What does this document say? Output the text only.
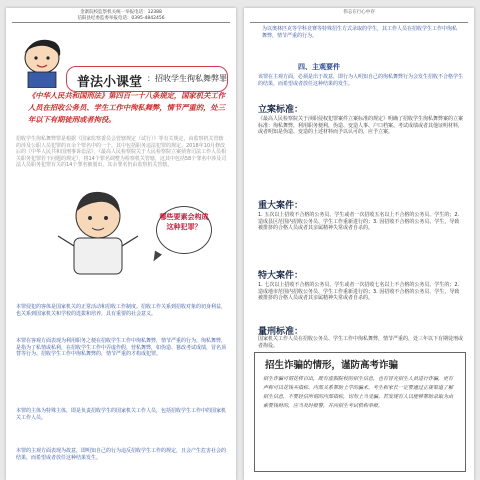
金寨院校监察机关统一举报电话：12388
信阳县纪委监委举报电话：0395-4842456
普法小课堂 ：招收学生徇私舞弊罪
《中华人民共和国刑法》第四百一十八条规定，国家机关工作人员在招收公务员、学生工作中徇私舞弊，情节严重的，处三年以下有期徒刑或者拘役。
招收学生徇私舞弊罪是根据《国家监察委员会管辖规定（试行）》等有关规定，由监察机关管辖的涉及公职人员犯罪的百余个罪名中的一个。其中包括职务违法犯罪的规定。2018年10月修改后的《中华人民共和国刑事诉讼法》，《最高人民检察院关于人民检察院立案侦查司法工作人员相关职务犯罪若干问题的规定》，将14个罪名调整为检察机关管辖，这其中包括58个罪名中涉及司法人员职务犯罪有关的14个罪名被划出，其余罪名仍由监察机关管辖。
哪些要素会构成这种犯罪？
本罪侵犯的客体是国家机关的正常活动和招收工作制度。招收工作关系到招收对象的切身利益，也关系到国家机关和学校的选拔和培养，具有重要的社会意义。
本罪在客观方面表现为利用职务之便在招收学生工作中徇私舞弊，情节严重的行为。徇私舞弊，是指为了私情或私利，在招收学生工作中弄虚作假，营私舞弊，如伪造、篡改考试成绩，冒名顶替等行为。招收学生工作中徇私舞弊的，情节严重的才构成犯罪。
本罪的主体为特殊主体，即是负责招收学生的国家机关工作人员，包括招收学生工作中的国家机关工作人员。
本罪的主观方面表现为故意，即明知自己的行为违反招收学生工作的规定，且会产生危害社会的结果，而希望或者放任这种结果发生。
伟志在行心中存
为以奥林匹克等学科竞赛等特殊招生方式录取的学生，其工作人员在招收学生工作中徇私舞弊，情节严重的行为。
四、主观要件
该罪在主观方面，必须是出于故意，即行为人明知自己的徇私舞弊行为会发生招收不合格学生的结果，而希望或者放任这种结果的发生。
立案标准：
《最高人民检察院关于渎职侵权犯罪案件立案标准的规定》明确了招收学生徇私舞弊案的立案标准：徇私舞弊，利用职务便利，伪造、变造人事、户口档案、考试成绩或者其他证明材料，或者明知是伪造、变造的上述材料而予以认可的，应予立案。
重大案件：
1. 五次以上招收不合格的公务员、学生或者一次招收五名以上不合格的公务员、学生的；2. 造成县区范围内招收公务员、学生工作重新进行的；3. 因招收不合格的公务员、学生，导致被排挤的合格人员或者其亲属精神失常或者自杀的。
特大案件：
1. 七次以上招收不合格的公务员、学生或者一次招收七名以上不合格的公务员、学生的；2. 造成地市范围内招收公务员、学生工作重新进行的；3. 因招收不合格的公务员、学生，导致被排挤的合格人员或者其亲属精神失常或者自杀的。
量刑标准：
国家机关工作人员在招收公务员、学生工作中徇私舞弊，情节严重的，处三年以下有期徒刑或者拘役。
招生诈骗的情形，谨防高考诈骗
招生诈骗可谓花样百出，既有虚假院校的招生信息，也有冒充招生人员进行诈骗，更有声称可以花钱买指标、内部关系帮助上学的骗术。考生和家长一定要通过正规渠道了解招生信息，不要轻信所谓的内部指标，切勿上当受骗。若发现有人以能够帮助录取为由索要钱财的，应当及时报警，并向招生考试机构举报。
